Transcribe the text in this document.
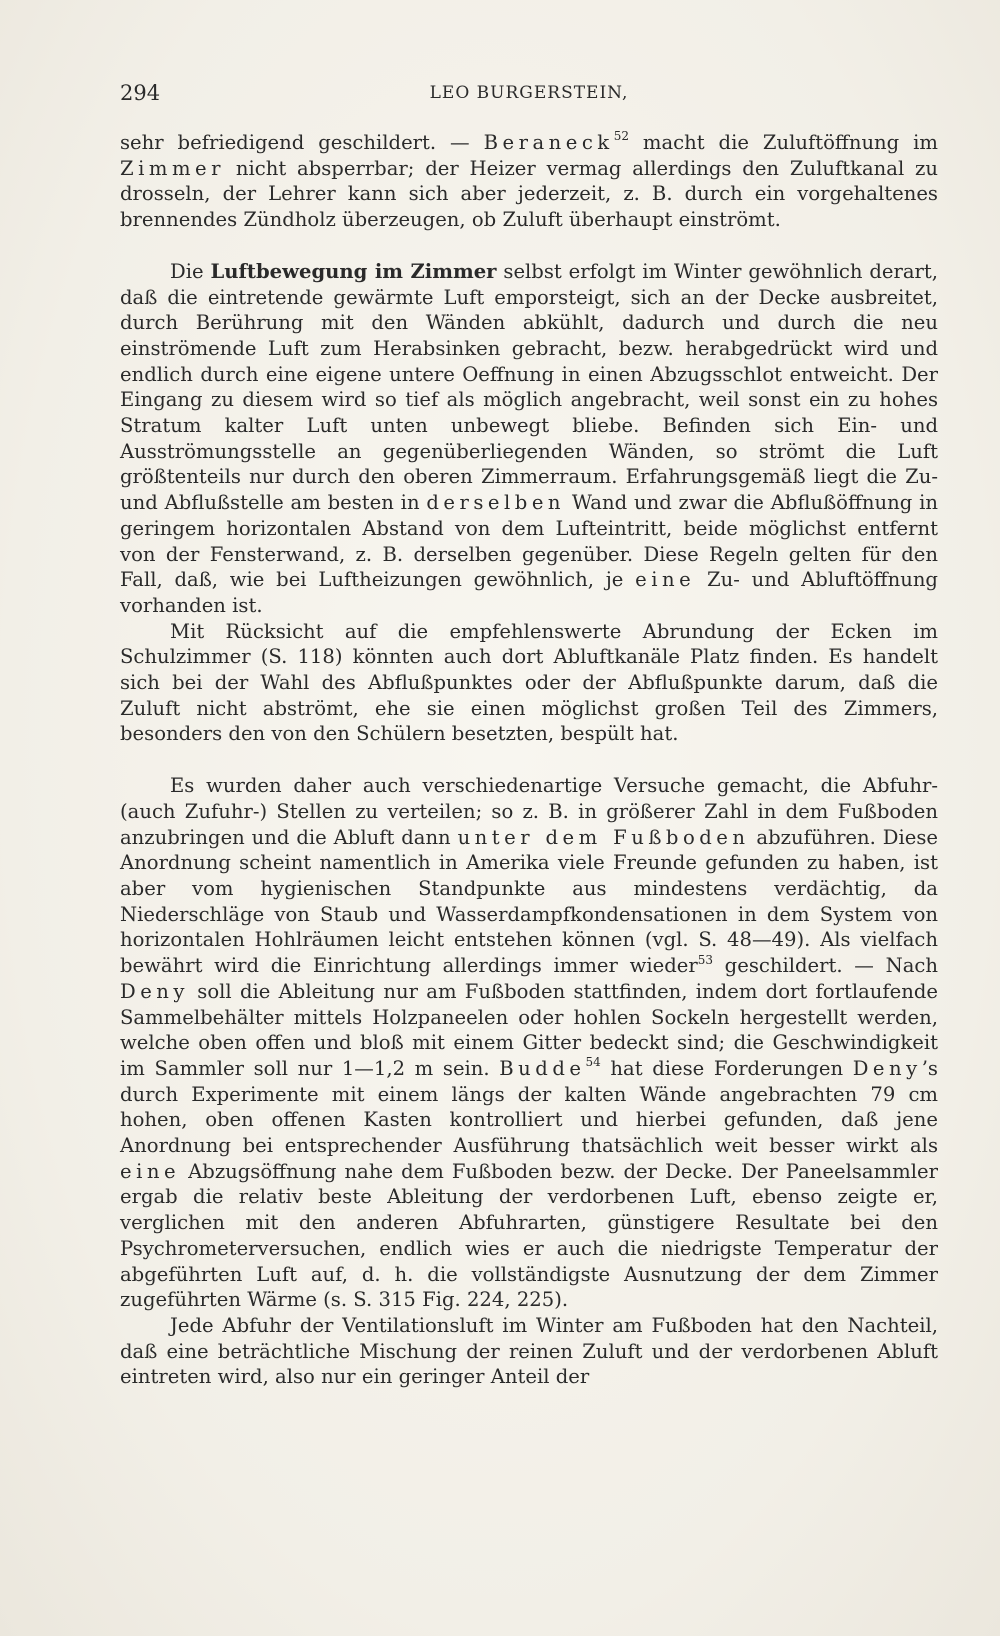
294	LEO BURGERSTEIN,

sehr befriedigend geschildert. — Beraneck$^{52}$ macht die Zuluftöffnung im Zimmer nicht absperrbar; der Heizer vermag allerdings den Zuluftkanal zu drosseln, der Lehrer kann sich aber jederzeit, z. B. durch ein vorgehaltenes brennendes Zündholz überzeugen, ob Zuluft überhaupt einströmt.

Die Luftbewegung im Zimmer selbst erfolgt im Winter gewöhnlich derart, daß die eintretende gewärmte Luft emporsteigt, sich an der Decke ausbreitet, durch Berührung mit den Wänden abkühlt, dadurch und durch die neu einströmende Luft zum Herabsinken gebracht, bezw. herabgedrückt wird und endlich durch eine eigene untere Oeffnung in einen Abzugsschlot entweicht. Der Eingang zu diesem wird so tief als möglich angebracht, weil sonst ein zu hohes Stratum kalter Luft unten unbewegt bliebe. Befinden sich Ein- und Ausströmungsstelle an gegenüberliegenden Wänden, so strömt die Luft größtenteils nur durch den oberen Zimmerraum. Erfahrungsgemäß liegt die Zu- und Abflußstelle am besten in derselben Wand und zwar die Abflußöffnung in geringem horizontalen Abstand von dem Lufteintritt, beide möglichst entfernt von der Fensterwand, z. B. derselben gegenüber. Diese Regeln gelten für den Fall, daß, wie bei Luftheizungen gewöhnlich, je eine Zu- und Abluftöffnung vorhanden ist.

Mit Rücksicht auf die empfehlenswerte Abrundung der Ecken im Schulzimmer (S. 118) könnten auch dort Abluftkanäle Platz finden. Es handelt sich bei der Wahl des Abflußpunktes oder der Abflußpunkte darum, daß die Zuluft nicht abströmt, ehe sie einen möglichst großen Teil des Zimmers, besonders den von den Schülern besetzten, bespült hat.

Es wurden daher auch verschiedenartige Versuche gemacht, die Abfuhr- (auch Zufuhr-) Stellen zu verteilen; so z. B. in größerer Zahl in dem Fußboden anzubringen und die Abluft dann unter dem Fußboden abzuführen. Diese Anordnung scheint namentlich in Amerika viele Freunde gefunden zu haben, ist aber vom hygienischen Standpunkte aus mindestens verdächtig, da Niederschläge von Staub und Wasserdampfkondensationen in dem System von horizontalen Hohlräumen leicht entstehen können (vgl. S. 48—49). Als vielfach bewährt wird die Einrichtung allerdings immer wieder$^{53}$ geschildert. — Nach Deny soll die Ableitung nur am Fußboden stattfinden, indem dort fortlaufende Sammelbehälter mittels Holzpaneelen oder hohlen Sockeln hergestellt werden, welche oben offen und bloß mit einem Gitter bedeckt sind; die Geschwindigkeit im Sammler soll nur 1—1,2 m sein. Budde$^{54}$ hat diese Forderungen Deny’s durch Experimente mit einem längs der kalten Wände angebrachten 79 cm hohen, oben offenen Kasten kontrolliert und hierbei gefunden, daß jene Anordnung bei entsprechender Ausführung thatsächlich weit besser wirkt als eine Abzugsöffnung nahe dem Fußboden bezw. der Decke. Der Paneelsammler ergab die relativ beste Ableitung der verdorbenen Luft, ebenso zeigte er, verglichen mit den anderen Abfuhrarten, günstigere Resultate bei den Psychrometerversuchen, endlich wies er auch die niedrigste Temperatur der abgeführten Luft auf, d. h. die vollständigste Ausnutzung der dem Zimmer zugeführten Wärme (s. S. 315 Fig. 224, 225).

Jede Abfuhr der Ventilationsluft im Winter am Fußboden hat den Nachteil, daß eine beträchtliche Mischung der reinen Zuluft und der verdorbenen Abluft eintreten wird, also nur ein geringer Anteil der
